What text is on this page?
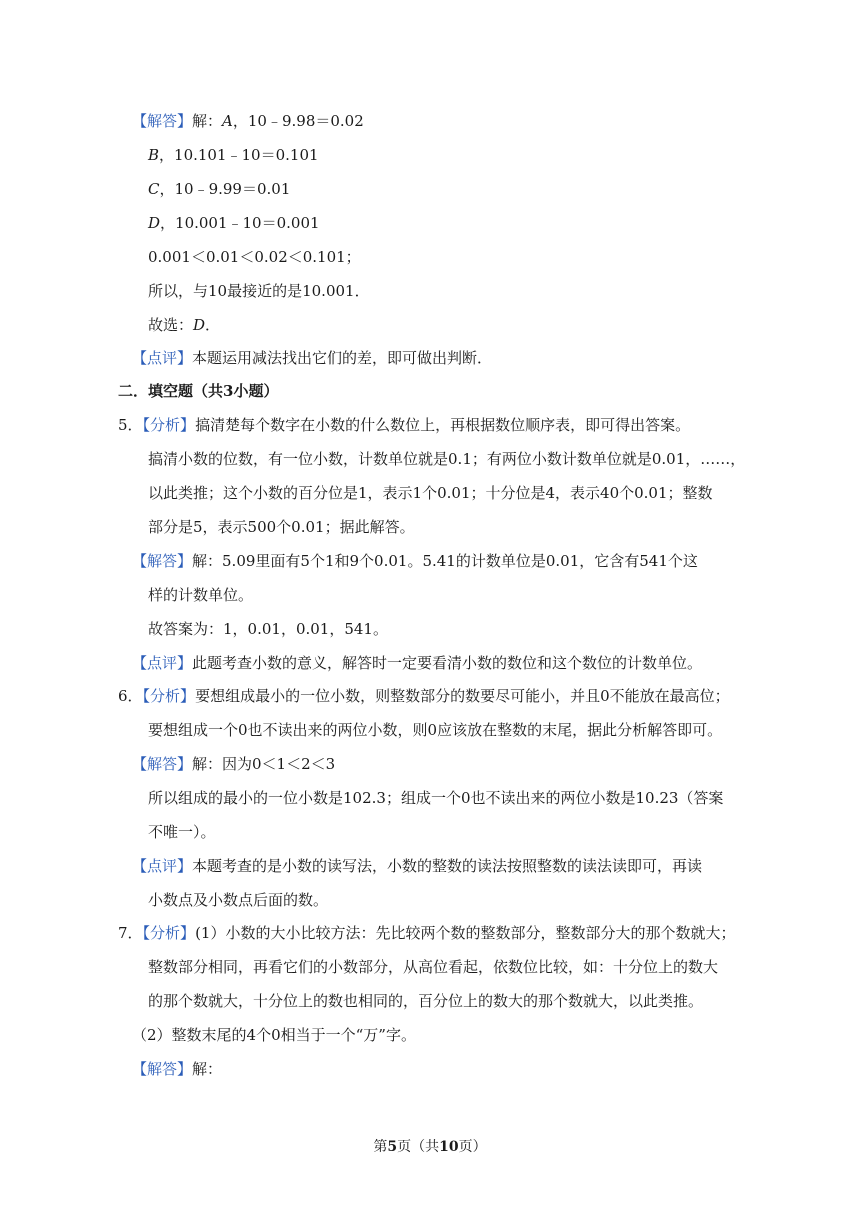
【解答】解：A，10﹣9.98＝0.02
B，10.101﹣10＝0.101
C，10﹣9.99＝0.01
D，10.001﹣10＝0.001
0.001＜0.01＜0.02＜0.101；
所以，与10最接近的是10.001．
故选：D．
【点评】本题运用减法找出它们的差，即可做出判断．
二．填空题（共3小题）
5．【分析】搞清楚每个数字在小数的什么数位上，再根据数位顺序表，即可得出答案。
搞清小数的位数，有一位小数，计数单位就是0.1；有两位小数计数单位就是0.01，……，
以此类推；这个小数的百分位是1，表示1个0.01；十分位是4，表示40个0.01；整数
部分是5，表示500个0.01；据此解答。
【解答】解：5.09里面有5个1和9个0.01。5.41的计数单位是0.01，它含有541个这
样的计数单位。
故答案为：1，0.01，0.01，541。
【点评】此题考查小数的意义，解答时一定要看清小数的数位和这个数位的计数单位。
6．【分析】要想组成最小的一位小数，则整数部分的数要尽可能小，并且0不能放在最高位；
要想组成一个0也不读出来的两位小数，则0应该放在整数的末尾，据此分析解答即可。
【解答】解：因为0＜1＜2＜3
所以组成的最小的一位小数是102.3；组成一个0也不读出来的两位小数是10.23（答案
不唯一）。
【点评】本题考查的是小数的读写法，小数的整数的读法按照整数的读法读即可，再读
小数点及小数点后面的数。
7．【分析】(1）小数的大小比较方法：先比较两个数的整数部分，整数部分大的那个数就大；
整数部分相同，再看它们的小数部分，从高位看起，依数位比较，如：十分位上的数大
的那个数就大，十分位上的数也相同的，百分位上的数大的那个数就大，以此类推。
（2）整数末尾的4个0相当于一个“万”字。
【解答】解：
第5页（共10页）
